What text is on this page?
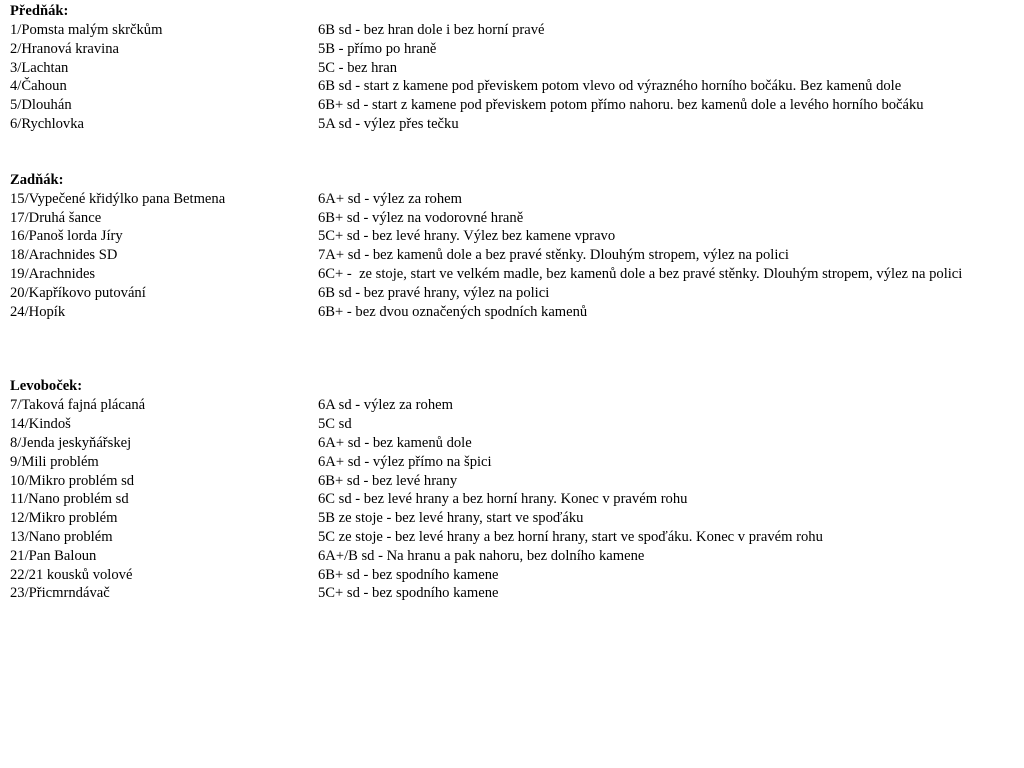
Předňák:
1/Pomsta malým skrčkům	6B sd - bez hran dole i bez horní pravé
2/Hranová kravina	5B - přímo po hraně
3/Lachtan	5C - bez hran
4/Čahoun	6B sd - start z kamene pod převiskem potom vlevo od výrazného horního bočáku. Bez kamenů dole
5/Dlouhán	6B+ sd - start z kamene pod převiskem potom přímo nahoru. bez kamenů dole a levého horního bočáku
6/Rychlovka	5A sd - výlez přes tečku
Zadňák:
15/Vypečené křidýlko pana Betmena	6A+ sd - výlez za rohem
17/Druhá šance	6B+ sd - výlez na vodorovné hraně
16/Panoš lorda Jíry	5C+ sd - bez levé hrany. Výlez bez kamene vpravo
18/Arachnides SD	7A+ sd - bez kamenů dole a bez pravé stěnky. Dlouhým stropem, výlez na polici
19/Arachnides	6C+ -  ze stoje, start ve velkém madle, bez kamenů dole a bez pravé stěnky. Dlouhým stropem, výlez na polici
20/Kapříkovo putování	6B sd - bez pravé hrany, výlez na polici
24/Hopík	6B+ - bez dvou označených spodních kamenů
Levoboček:
7/Taková fajná plácaná	6A sd - výlez za rohem
14/Kindoš	5C sd
8/Jenda jeskyňářskej	6A+ sd - bez kamenů dole
9/Mili problém	6A+ sd - výlez přímo na špici
10/Mikro problém sd	6B+ sd - bez levé hrany
11/Nano problém sd	6C sd - bez levé hrany a bez horní hrany. Konec v pravém rohu
12/Mikro problém	5B ze stoje - bez levé hrany, start ve spoďáku
13/Nano problém	5C ze stoje - bez levé hrany a bez horní hrany, start ve spoďáku. Konec v pravém rohu
21/Pan Baloun	6A+/B sd - Na hranu a pak nahoru, bez dolního kamene
22/21 kousků volové	6B+ sd - bez spodního kamene
23/Přicmrndávač	5C+ sd - bez spodního kamene
